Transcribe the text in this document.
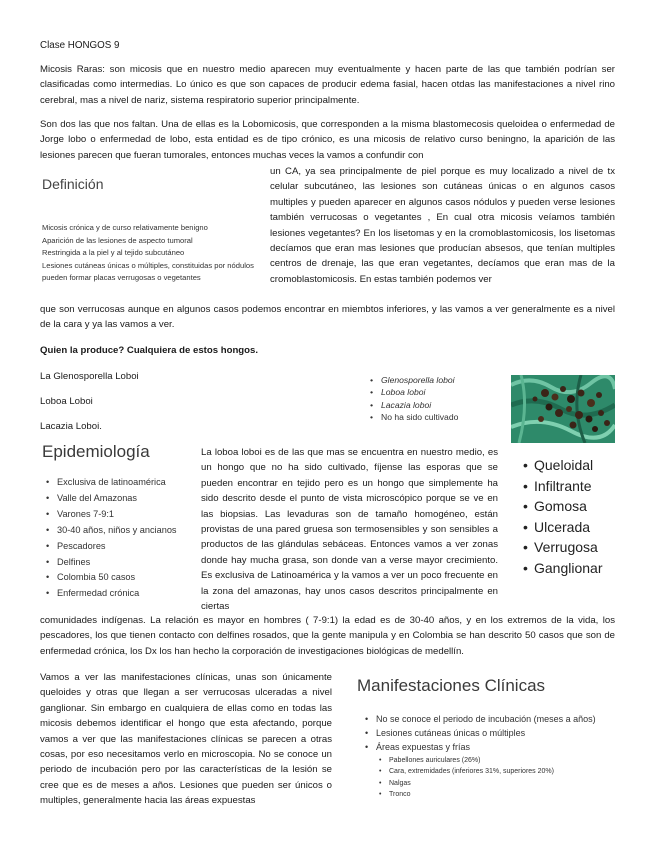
Clase HONGOS 9
Micosis Raras: son micosis que en nuestro medio aparecen muy eventualmente y hacen parte de las que también podrían ser clasificadas como intermedias. Lo único es que son capaces de producir edema fasial, hacen otdas las manifestaciones a nivel rino cerebral, mas a nivel de nariz, sistema respiratorio superior principalmente.
Son dos las que nos faltan. Una de ellas es la Lobomicosis, que corresponden a la misma blastomecosis queloidea o enfermedad de Jorge lobo o enfermedad de lobo, esta entidad es de tipo crónico, es una micosis de relativo curso beningno, la aparición de las lesiones parecen que fueran tumorales, entonces muchas veces la vamos a confundir con
Definición
Micosis crónica y de curso relativamente benigno
Aparición de las lesiones de aspecto tumoral
Restringida a la piel y al tejido subcutáneo
Lesiones cutáneas únicas o múltiples, constituidas por nódulos
pueden formar placas verrugosas o vegetantes
un CA, ya sea principalmente de piel porque es muy localizado a nivel de tx celular subcutáneo, las lesiones son cutáneas únicas o en algunos casos multiples y pueden aparecer en algunos casos nódulos y pueden verse lesiones también verrucosas o vegetantes , En cual otra micosis veíamos también lesiones vegetantes? En los lisetomas y en la cromoblastomicosis, los lisetomas decíamos que eran mas lesiones que producían absesos, que tenían multiples centros de drenaje, las que eran vegetantes, decíamos que eran mas de la cromoblastomicosis. En estas también podemos ver
que son verrucosas aunque en algunos casos podemos encontrar en miembtos inferiores, y las vamos a ver generalmente es a nivel de la cara y ya las vamos a ver.
Quien la produce? Cualquiera de estos hongos.
La Glenosporella Loboi
Loboa Loboi
Lacazia Loboi.
• Glenosporella loboi
• Loboa loboi
• Lacazia loboi
• No ha sido cultivado
Epidemiología
• Exclusiva de latinoamérica
• Valle del Amazonas
• Varones 7-9:1
• 30-40 años, niños y ancianos
• Pescadores
• Delfines
• Colombia 50 casos
• Enfermedad crónica
La loboa loboi es de las que mas se encuentra en nuestro medio, es un hongo que no ha sido cultivado, fíjense las esporas que se pueden encontrar en tejido pero es un hongo que simplemente ha sido descrito desde el punto de vista microscópico porque se ve en las biopsias. Las levaduras son de tamaño homogéneo, están provistas de una pared gruesa son termosensibles y son sensibles a productos de las glándulas sebáceas. Entonces vamos a ver zonas donde hay mucha grasa, son donde van a verse mayor crecimiento. Es exclusiva de Latinoamérica y la vamos a ver un poco frecuente en la zona del amazonas, hay unos casos descritos principalmente en ciertas
• Queloidal
• Infiltrante
• Gomosa
• Ulcerada
• Verrugosa
• Ganglionar
comunidades indígenas. La relación es mayor en hombres ( 7-9:1) la edad es de 30-40 años, y en los extremos de la vida, los pescadores, los que tienen contacto con delfines rosados, que la gente manipula y en Colombia se han descrito 50 casos que son de enfermedad crónica, los Dx los han hecho la corporación de investigaciones biológicas de medellín.
Vamos a ver las manifestaciones clínicas, unas son únicamente queloides y otras que llegan a ser verrucosas ulceradas a nivel ganglionar. Sin embargo en cualquiera de ellas como en todas las micosis debemos identificar el hongo que esta afectando, porque vamos a ver que las manifestaciones clínicas se parecen a otras cosas, por eso necesitamos verlo en microscopia. No se conoce un periodo de incubación pero por las características de la lesión se cree que es de meses a años. Lesiones que pueden ser únicos o multiples, generalmente hacia las áreas expuestas
Manifestaciones Clínicas
• No se conoce el periodo de incubación (meses a años)
• Lesiones cutáneas únicas o múltiples
• Áreas expuestas y frías
• Pabellones auriculares (26%)
• Cara, extremidades (inferiores 31%, superiores 20%)
• Nalgas
• Tronco
